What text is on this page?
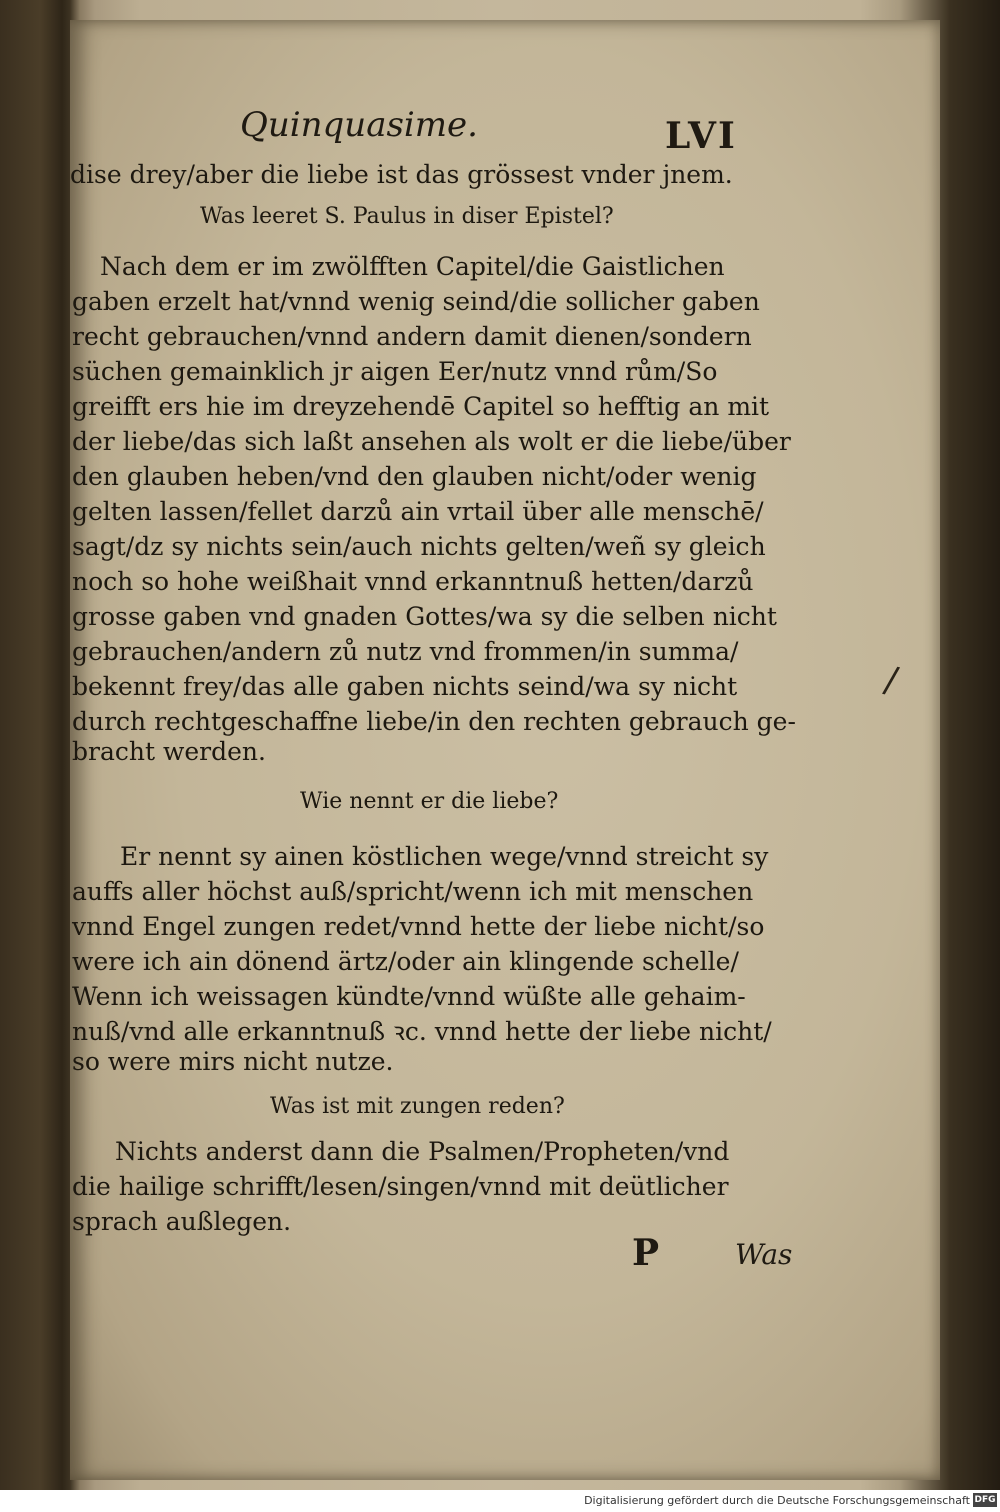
Quinquasime.	LVI
dise drey/aber die liebe ist das grössest vnder jnem.
Was leeret S. Paulus in diser Epistel?
Nach dem er im zwölfften Capitel/die Gaistlichen
gaben erzelt hat/vnnd wenig seind/die sollicher gaben
recht gebrauchen/vnnd andern damit dienen/sondern
süchen gemainklich jr aigen Eer/nutz vnnd rům/So
greifft ers hie im dreyzehendē Capitel so hefftig an mit
der liebe/das sich laßt ansehen als wolt er die liebe/über
den glauben heben/vnd den glauben nicht/oder wenig
gelten lassen/fellet darzů ain vrtail über alle menschē/
sagt/dz sy nichts sein/auch nichts gelten/weñ sy gleich
noch so hohe weißhait vnnd erkanntnuß hetten/darzů
grosse gaben vnd gnaden Gottes/wa sy die selben nicht
gebrauchen/andern zů nutz vnd frommen/in summa/
bekennt frey/das alle gaben nichts seind/wa sy nicht
durch rechtgeschaffne liebe/in den rechten gebrauch ge-
bracht werden.
Wie nennt er die liebe?
Er nennt sy ainen köstlichen wege/vnnd streicht sy
auffs aller höchst auß/spricht/wenn ich mit menschen
vnnd Engel zungen redet/vnnd hette der liebe nicht/so
were ich ain dönend ärtz/oder ain klingende schelle/
Wenn ich weissagen kündte/vnnd wüßte alle gehaim-
nuß/vnd alle erkanntnuß ꝛc. vnnd hette der liebe nicht/
so were mirs nicht nutze.
Was ist mit zungen reden?
Nichts anderst dann die Psalmen/Propheten/vnd
die hailige schrifft/lesen/singen/vnnd mit deütlicher
sprach außlegen.
P	Was
/
Digitalisierung gefördert durch die Deutsche Forschungsgemeinschaft DFG
